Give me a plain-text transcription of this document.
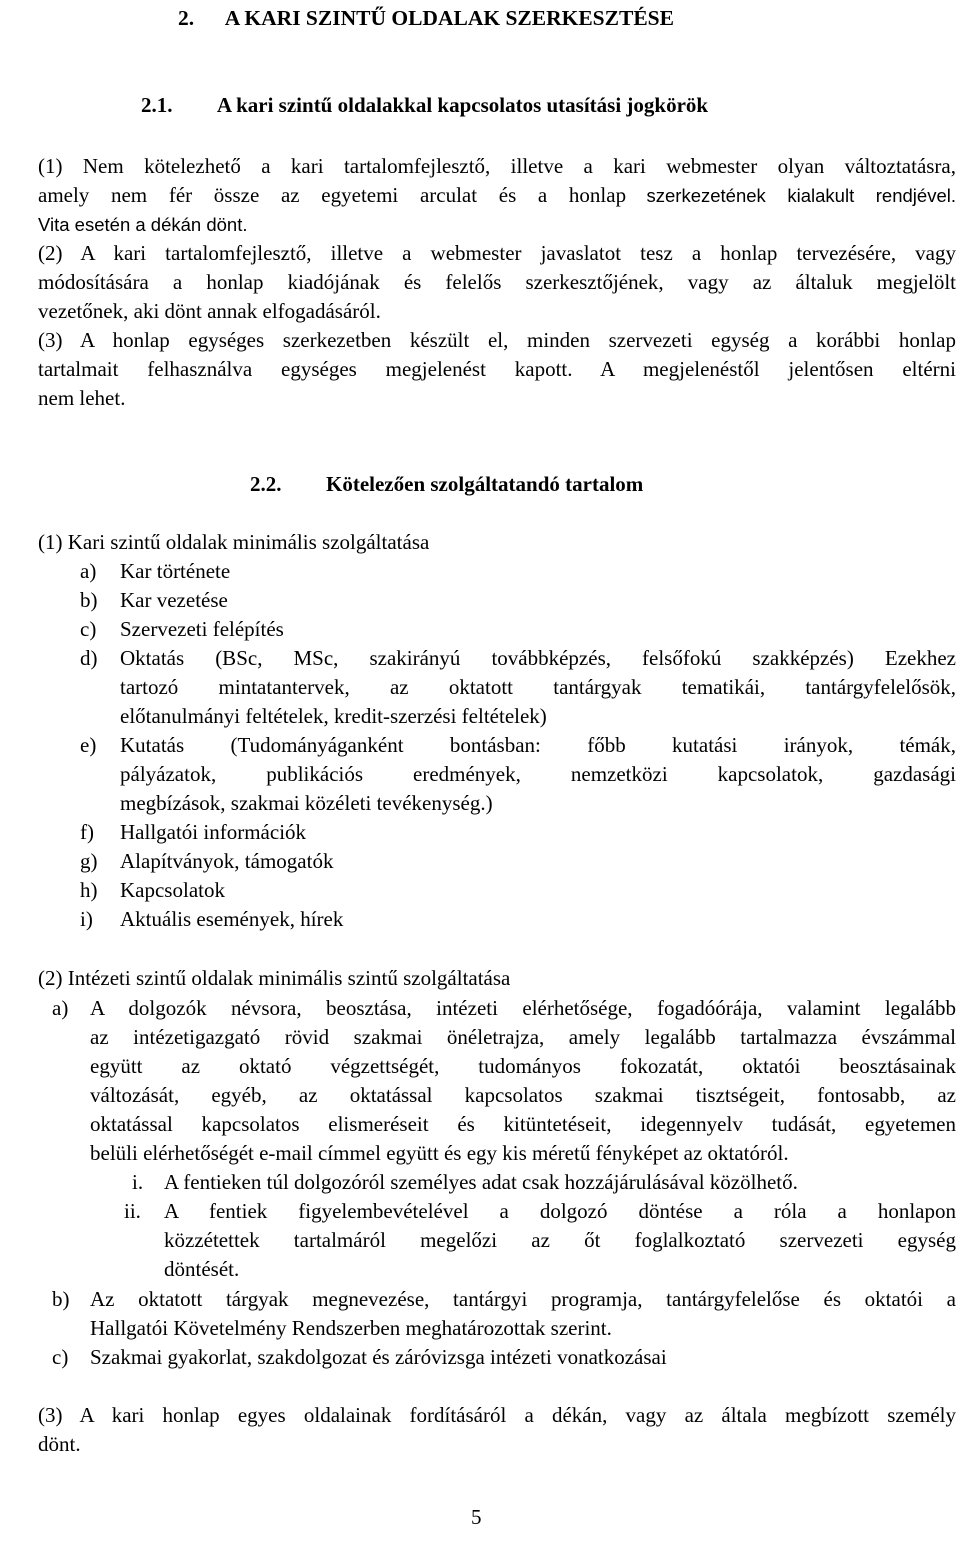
2. A KARI SZINTŰ OLDALAK SZERKESZTÉSE
2.1. A kari szintű oldalakkal kapcsolatos utasítási jogkörök
(1) Nem kötelezhető a kari tartalomfejlesztő, illetve a kari webmester olyan változtatásra,
amely nem fér össze az egyetemi arculat és a honlap szerkezetének kialakult rendjével.
Vita esetén a dékán dönt.
(2) A kari tartalomfejlesztő, illetve a webmester javaslatot tesz a honlap tervezésére, vagy
módosítására a honlap kiadójának és felelős szerkesztőjének, vagy az általuk megjelölt
vezetőnek, aki dönt annak elfogadásáról.
(3) A honlap egységes szerkezetben készült el, minden szervezeti egység a korábbi honlap
tartalmait felhasználva egységes megjelenést kapott. A megjelenéstől jelentősen eltérni
nem lehet.
2.2. Kötelezően szolgáltatandó tartalom
(1) Kari szintű oldalak minimális szolgáltatása
a) Kar története
b) Kar vezetése
c) Szervezeti felépítés
d) Oktatás (BSc, MSc, szakirányú továbbképzés, felsőfokú szakképzés) Ezekhez
tartozó mintatantervek, az oktatott tantárgyak tematikái, tantárgyfelelősök,
előtanulmányi feltételek, kredit-szerzési feltételek)
e) Kutatás (Tudományáganként bontásban: főbb kutatási irányok, témák,
pályázatok, publikációs eredmények, nemzetközi kapcsolatok, gazdasági
megbízások, szakmai közéleti tevékenység.)
f) Hallgatói információk
g) Alapítványok, támogatók
h) Kapcsolatok
i) Aktuális események, hírek
(2) Intézeti szintű oldalak minimális szintű szolgáltatása
a) A dolgozók névsora, beosztása, intézeti elérhetősége, fogadóórája, valamint legalább
az intézetigazgató rövid szakmai önéletrajza, amely legalább tartalmazza évszámmal
együtt az oktató végzettségét, tudományos fokozatát, oktatói beosztásainak
változását, egyéb, az oktatással kapcsolatos szakmai tisztségeit, fontosabb, az
oktatással kapcsolatos elismeréseit és kitüntetéseit, idegennyelv tudását, egyetemen
belüli elérhetőségét e-mail címmel együtt és egy kis méretű fényképet az oktatóról.
i. A fentieken túl dolgozóról személyes adat csak hozzájárulásával közölhető.
ii. A fentiek figyelembevételével a dolgozó döntése a róla a honlapon
közzétettek tartalmáról megelőzi az őt foglalkoztató szervezeti egység
döntését.
b) Az oktatott tárgyak megnevezése, tantárgyi programja, tantárgyfelelőse és oktatói a
Hallgatói Követelmény Rendszerben meghatározottak szerint.
c) Szakmai gyakorlat, szakdolgozat és záróvizsga intézeti vonatkozásai
(3) A kari honlap egyes oldalainak fordításáról a dékán, vagy az általa megbízott személy
dönt.
5
